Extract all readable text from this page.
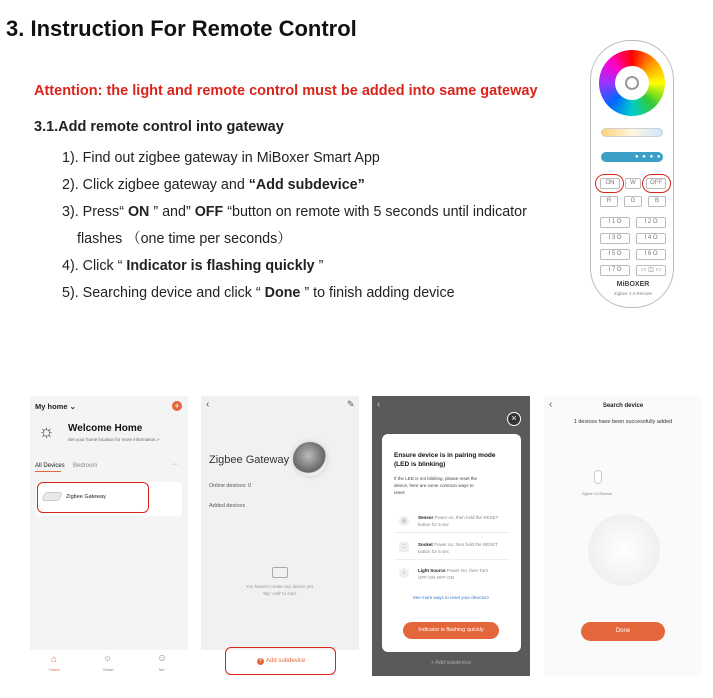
3. Instruction For Remote Control
Attention: the light and remote control must be added into same gateway
3.1.Add remote control into gateway
1). Find out zigbee gateway in MiBoxer Smart App
2). Click zigbee gateway and “Add subdevice”
3). Press“ ON ” and” OFF “button on remote with 5 seconds until indicator
flashes （one time per seconds）
4). Click “ Indicator is flashing quickly ”
5). Searching device and click “ Done ” to finish adding device
● ● ● ● ✻
ON	W	OFF
R	G	B
I 1 O	I 2 O
I 3 O	I 4 O
I 5 O	I 6 O
I 7 O	▭ ◫ ▭
MiBOXER
Zigbee 3.0 Remote
My home ⌄	+
☼ Welcome Home
Set your home location for more information >
All Devices Bedroom	···
Zigbee Gateway
⌂
Home
☼
Smart
☺
Me
‹	✎
Zigbee Gateway
Online devices: 0
Added devices
You haven't create any device yet.
Tap 'Add' to start.
+ Add subdevice
‹
×
Ensure device is in pairing mode
(LED is blinking)
If the LED is not blinking, please reset the
device, here are some common ways to
reset:
◎
Sensor Power on, then hold the RESET
button for 5 sec
⁚⁚	Socket Power on, then hold the RESET
button for 5 sec
♀	Light Source Power On, then Turn
OFF-ON-OFF-ON
See more ways to reset your devices>
Indicator is flashing quickly
+ Add subdevice
‹	Search device
1 devices have been successfully added
Zigbee 3.0 Remote
Done
